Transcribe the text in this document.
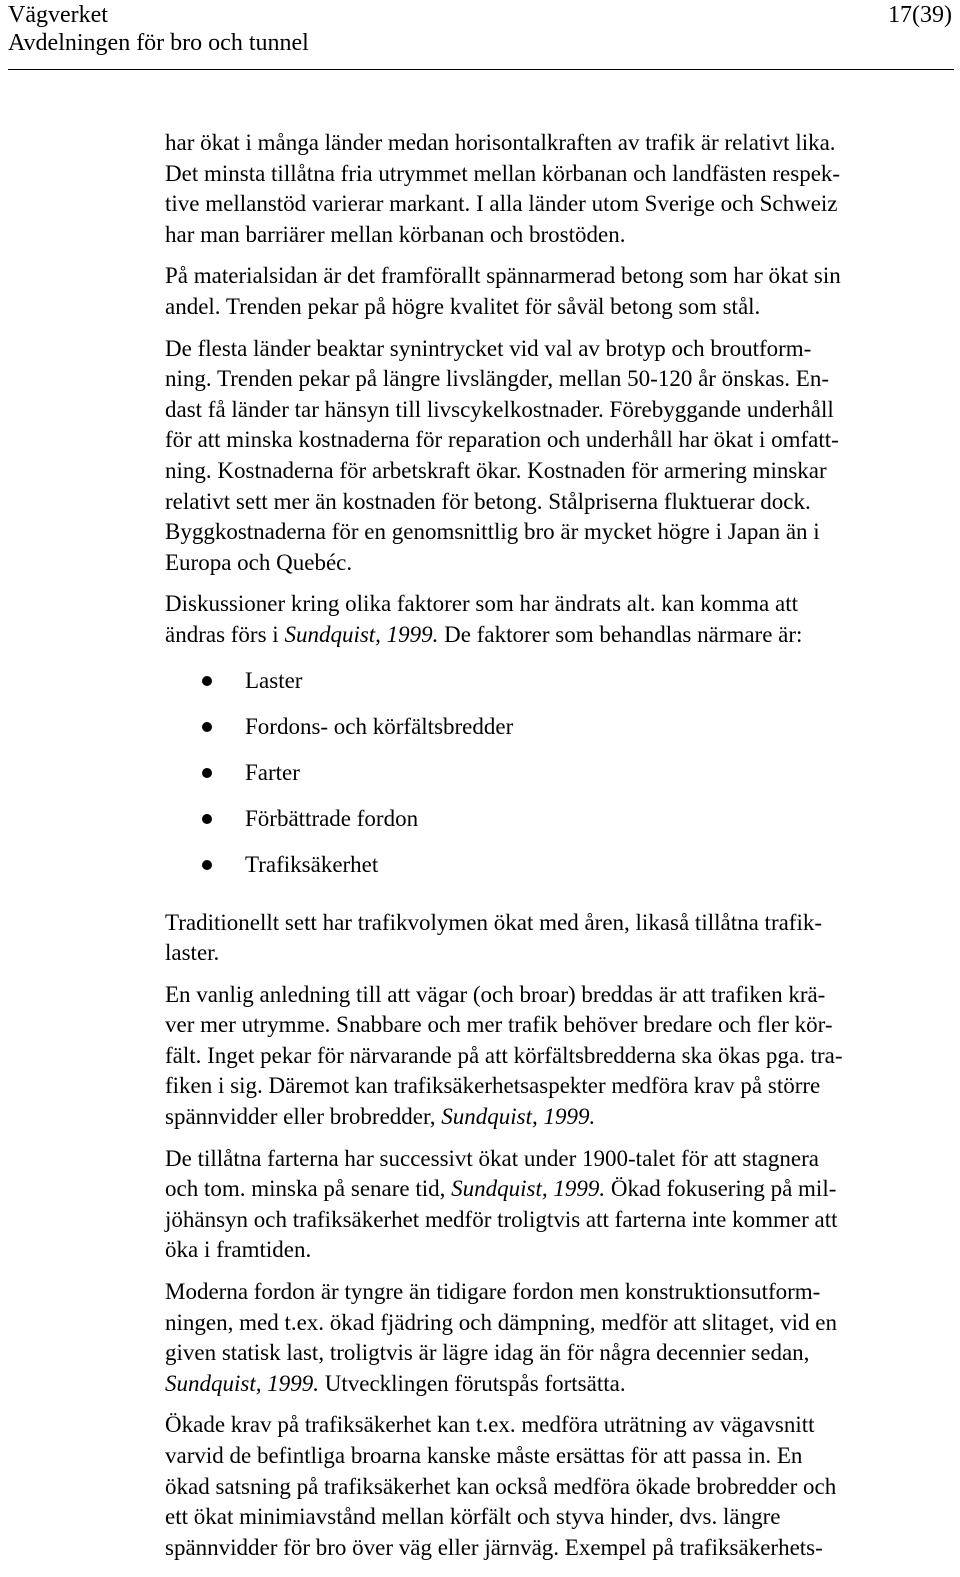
Vägverket
Avdelningen för bro och tunnel
17(39)

har ökat i många länder medan horisontalkraften av trafik är relativt lika.
Det minsta tillåtna fria utrymmet mellan körbanan och landfästen respek-
tive mellanstöd varierar markant. I alla länder utom Sverige och Schweiz
har man barriärer mellan körbanan och brostöden.

På materialsidan är det framförallt spännarmerad betong som har ökat sin
andel. Trenden pekar på högre kvalitet för såväl betong som stål.

De flesta länder beaktar synintrycket vid val av brotyp och broutform-
ning. Trenden pekar på längre livslängder, mellan 50-120 år önskas. En-
dast få länder tar hänsyn till livscykelkostnader. Förebyggande underhåll
för att minska kostnaderna för reparation och underhåll har ökat i omfatt-
ning. Kostnaderna för arbetskraft ökar. Kostnaden för armering minskar
relativt sett mer än kostnaden för betong. Stålpriserna fluktuerar dock.
Byggkostnaderna för en genomsnittlig bro är mycket högre i Japan än i
Europa och Quebéc.

Diskussioner kring olika faktorer som har ändrats alt. kan komma att
ändras förs i Sundquist, 1999. De faktorer som behandlas närmare är:

Laster
Fordons- och körfältsbredder
Farter
Förbättrade fordon
Trafiksäkerhet

Traditionellt sett har trafikvolymen ökat med åren, likaså tillåtna trafik-
laster.

En vanlig anledning till att vägar (och broar) breddas är att trafiken krä-
ver mer utrymme. Snabbare och mer trafik behöver bredare och fler kör-
fält. Inget pekar för närvarande på att körfältsbredderna ska ökas pga. tra-
fiken i sig. Däremot kan trafiksäkerhetsaspekter medföra krav på större
spännvidder eller brobredder, Sundquist, 1999.

De tillåtna farterna har successivt ökat under 1900-talet för att stagnera
och tom. minska på senare tid, Sundquist, 1999. Ökad fokusering på mil-
jöhänsyn och trafiksäkerhet medför troligtvis att farterna inte kommer att
öka i framtiden.

Moderna fordon är tyngre än tidigare fordon men konstruktionsutform-
ningen, med t.ex. ökad fjädring och dämpning, medför att slitaget, vid en
given statisk last, troligtvis är lägre idag än för några decennier sedan,
Sundquist, 1999. Utvecklingen förutspås fortsätta.

Ökade krav på trafiksäkerhet kan t.ex. medföra uträtning av vägavsnitt
varvid de befintliga broarna kanske måste ersättas för att passa in. En
ökad satsning på trafiksäkerhet kan också medföra ökade brobredder och
ett ökat minimiavstånd mellan körfält och styva hinder, dvs. längre
spännvidder för bro över väg eller järnväg. Exempel på trafiksäkerhets-
